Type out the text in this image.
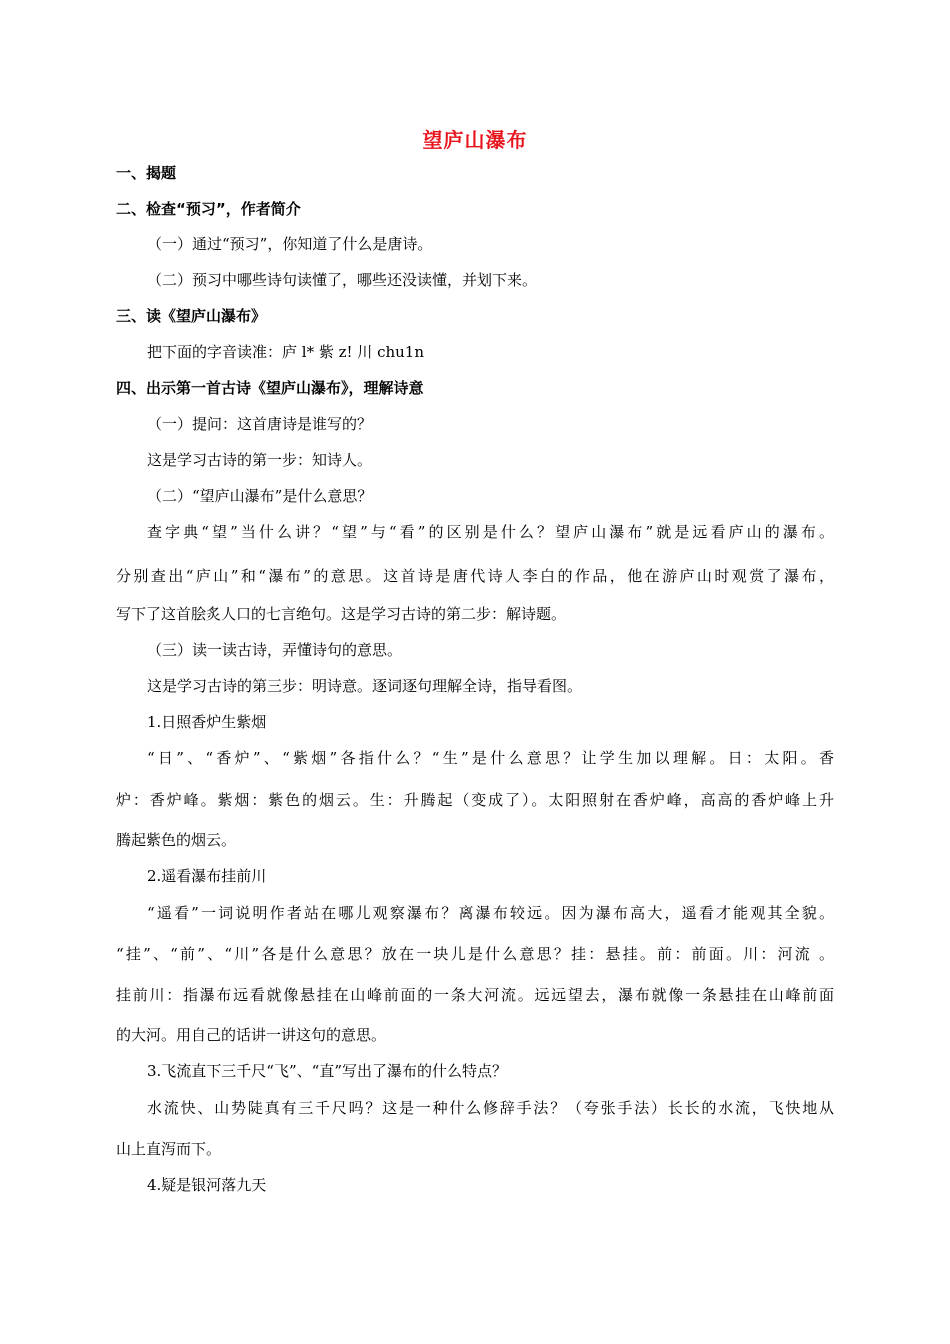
望庐山瀑布
一、揭题
二、检查“预习”，作者简介
（一）通过“预习”，你知道了什么是唐诗。
（二）预习中哪些诗句读懂了，哪些还没读懂，并划下来。
三、读《望庐山瀑布》
把下面的字音读准：庐 l* 紫 z! 川 chu1n
四、出示第一首古诗《望庐山瀑布》，理解诗意
（一）提问：这首唐诗是谁写的？
这是学习古诗的第一步：知诗人。
（二）“望庐山瀑布”是什么意思？
查字典“望”当什么讲？“望”与“看”的区别是什么？望庐山瀑布”就是远看庐山的瀑布。
分别查出“庐山”和“瀑布”的意思。这首诗是唐代诗人李白的作品，他在游庐山时观赏了瀑布，
写下了这首脍炙人口的七言绝句。这是学习古诗的第二步：解诗题。
（三）读一读古诗，弄懂诗句的意思。
这是学习古诗的第三步：明诗意。逐词逐句理解全诗，指导看图。
1.日照香炉生紫烟
“日”、“香炉”、“紫烟”各指什么？“生”是什么意思？让学生加以理解。日：太阳。香
炉：香炉峰。紫烟：紫色的烟云。生：升腾起（变成了）。太阳照射在香炉峰，高高的香炉峰上升
腾起紫色的烟云。
2.遥看瀑布挂前川
“遥看”一词说明作者站在哪儿观察瀑布？离瀑布较远。因为瀑布高大，遥看才能观其全貌。
“挂”、“前”、“川”各是什么意思？放在一块儿是什么意思？挂：悬挂。前：前面。川：河流 。
挂前川：指瀑布远看就像悬挂在山峰前面的一条大河流。远远望去，瀑布就像一条悬挂在山峰前面
的大河。用自己的话讲一讲这句的意思。
3.飞流直下三千尺“飞”、“直”写出了瀑布的什么特点？
水流快、山势陡真有三千尺吗？这是一种什么修辞手法？（夸张手法）长长的水流，飞快地从
山上直泻而下。
4.疑是银河落九天
